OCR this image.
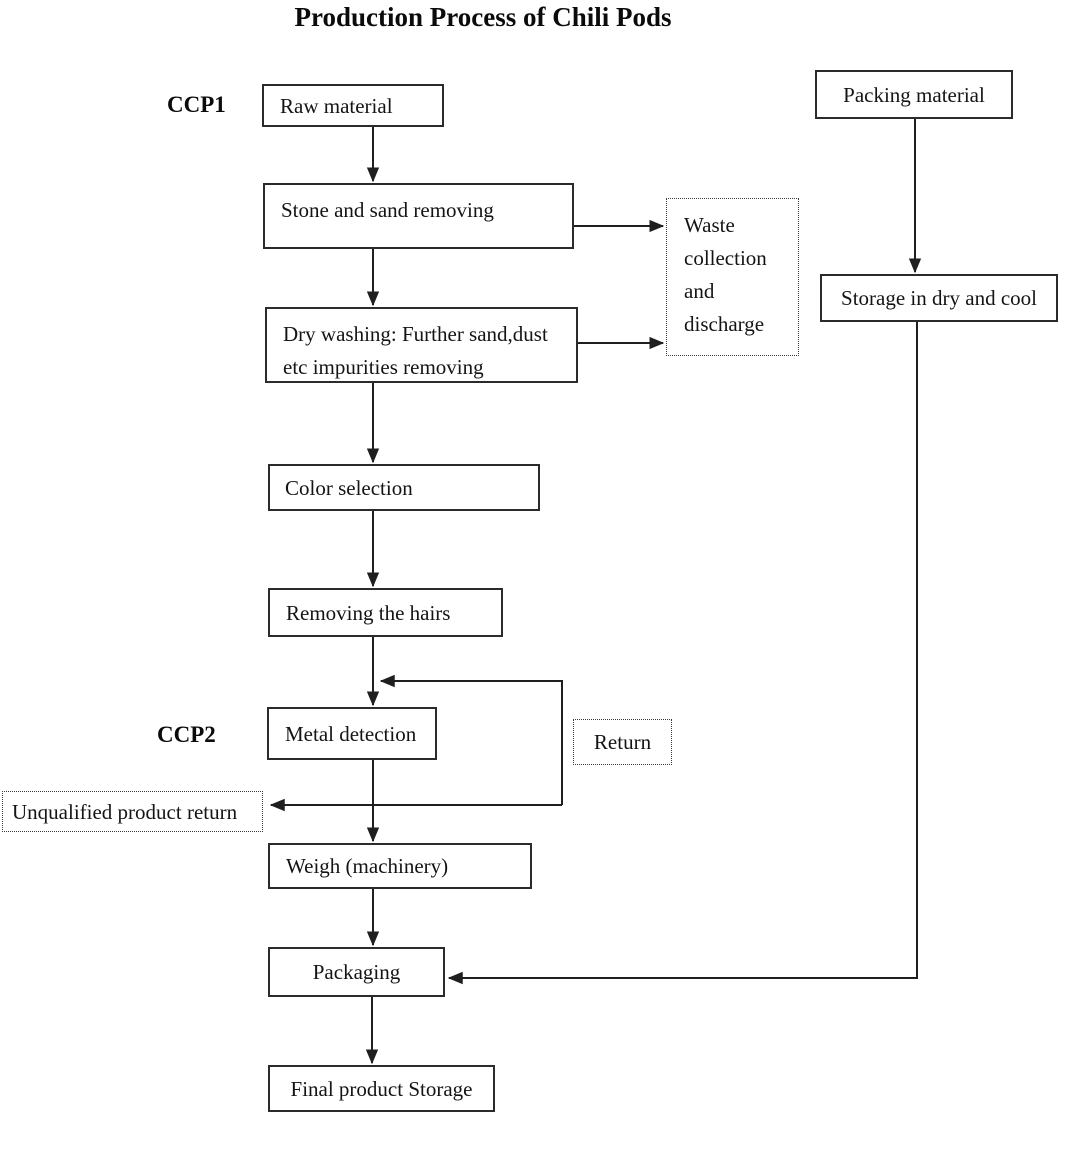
Production Process of Chili Pods
CCP1
CCP2
Raw material
Stone and sand removing
Dry washing: Further sand,dust
etc impurities removing
Color selection
Removing the hairs
Metal detection
Weigh (machinery)
Packaging
Final product Storage
Packing material
Storage in dry and cool
Waste
collection
and
discharge
Return
Unqualified product return
